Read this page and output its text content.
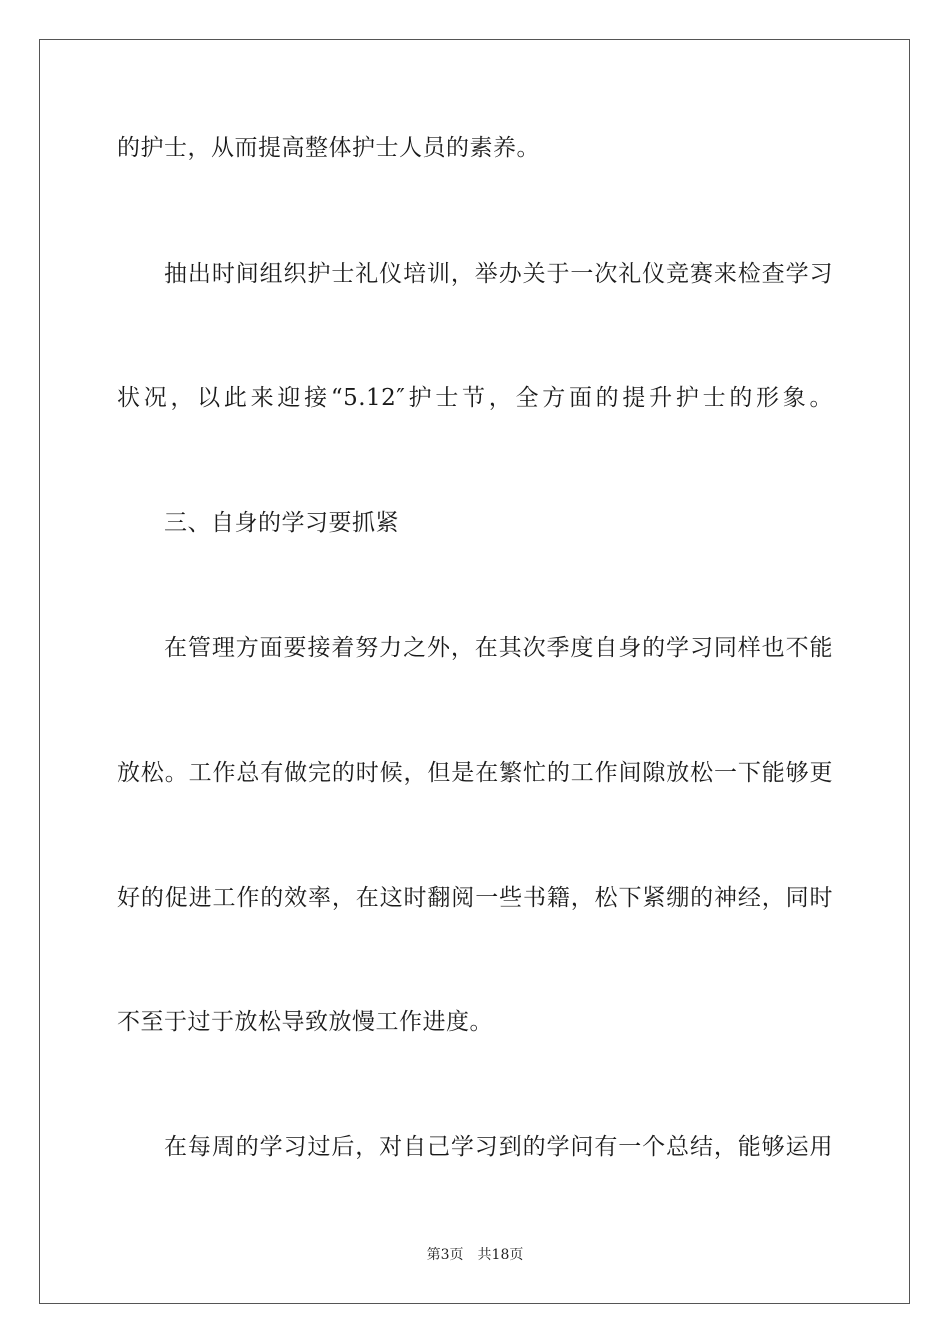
的护士，从而提高整体护士人员的素养。
抽出时间组织护士礼仪培训，举办关于一次礼仪竞赛来检查学习
状况，以此来迎接“5.12″护士节，全方面的提升护士的形象。
三、自身的学习要抓紧
在管理方面要接着努力之外，在其次季度自身的学习同样也不能
放松。工作总有做完的时候，但是在繁忙的工作间隙放松一下能够更
好的促进工作的效率，在这时翻阅一些书籍，松下紧绷的神经，同时
不至于过于放松导致放慢工作进度。
在每周的学习过后，对自己学习到的学问有一个总结，能够运用
第3页　共18页
